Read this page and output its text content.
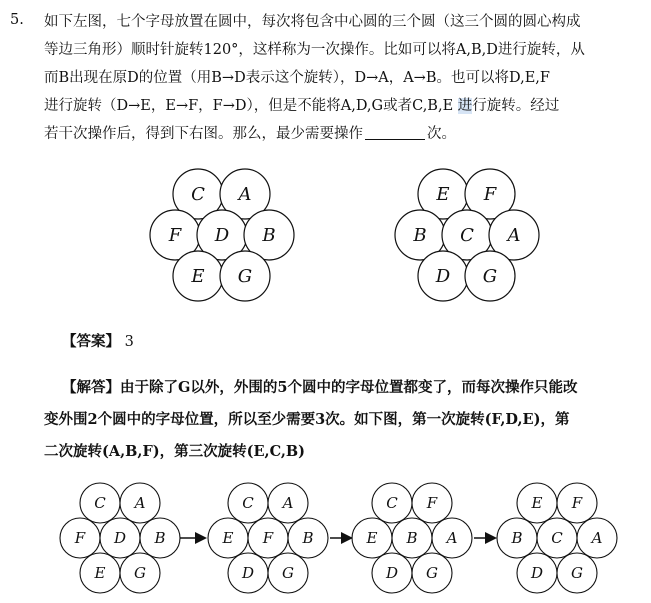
5. 如下左图，七个字母放置在圆中，每次将包含中心圆的三个圆（这三个圆的圆心构成
等边三角形）顺时针旋转120°，这样称为一次操作。比如可以将A,B,D进行旋转，从
而B出现在原D的位置（用B→D表示这个旋转），D→A，A→B。也可以将D,E,F
进行旋转（D→E，E→F，F→D），但是不能将A,D,G或者C,B,E 进行旋转。经过
若干次操作后，得到下右图。那么，最少需要操作	次。
C A
F D B
E G
E F
B C A
D G
【答案】 3
【解答】由于除了G以外，外围的5个圆中的字母位置都变了，而每次操作只能改
变外围2个圆中的字母位置，所以至少需要3次。如下图，第一次旋转(F,D,E)，第
二次旋转(A,B,F)，第三次旋转(E,C,B)
C A
F D B
E G
C A
E F B
D G
C F
E B A
D G
E F
B C A
D G
